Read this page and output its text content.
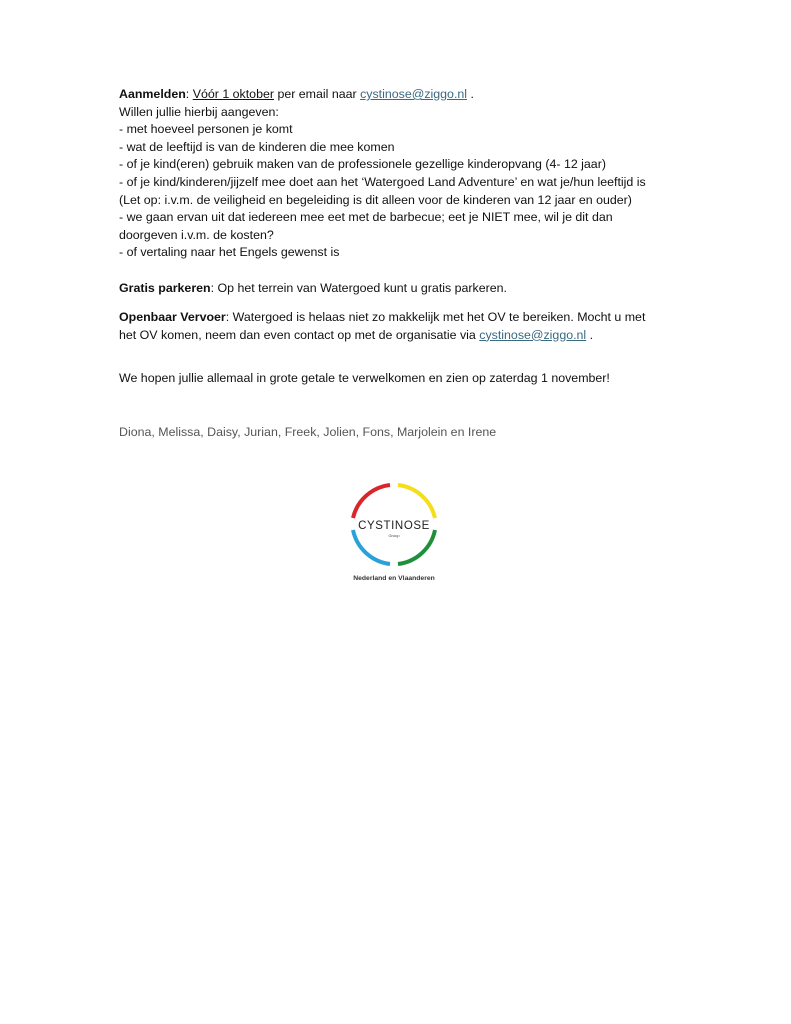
Aanmelden: Vóór 1 oktober per email naar cystinose@ziggo.nl .

Willen jullie hierbij aangeven:

- met hoeveel personen je komt

- wat de leeftijd is van de kinderen die mee komen

- of je kind(eren) gebruik maken van de professionele gezellige kinderopvang (4- 12 jaar)

- of je kind/kinderen/jijzelf mee doet aan het ‘Watergoed Land Adventure’ en wat je/hun leeftijd is

(Let op: i.v.m. de veiligheid en begeleiding is dit alleen voor de kinderen van 12 jaar en ouder)

- we gaan ervan uit dat iedereen mee eet met de barbecue; eet je NIET mee, wil je dit dan

doorgeven i.v.m. de kosten?

- of vertaling naar het Engels gewenst is

Gratis parkeren: Op het terrein van Watergoed kunt u gratis parkeren.

Openbaar Vervoer: Watergoed is helaas niet zo makkelijk met het OV te bereiken. Mocht u met

het OV komen, neem dan even contact op met de organisatie via cystinose@ziggo.nl .

We hopen jullie allemaal in grote getale te verwelkomen en zien op zaterdag 1 november!

Diona, Melissa, Daisy, Jurian, Freek, Jolien, Fons, Marjolein en Irene

CYSTINOSE
Group
Nederland en Vlaanderen
